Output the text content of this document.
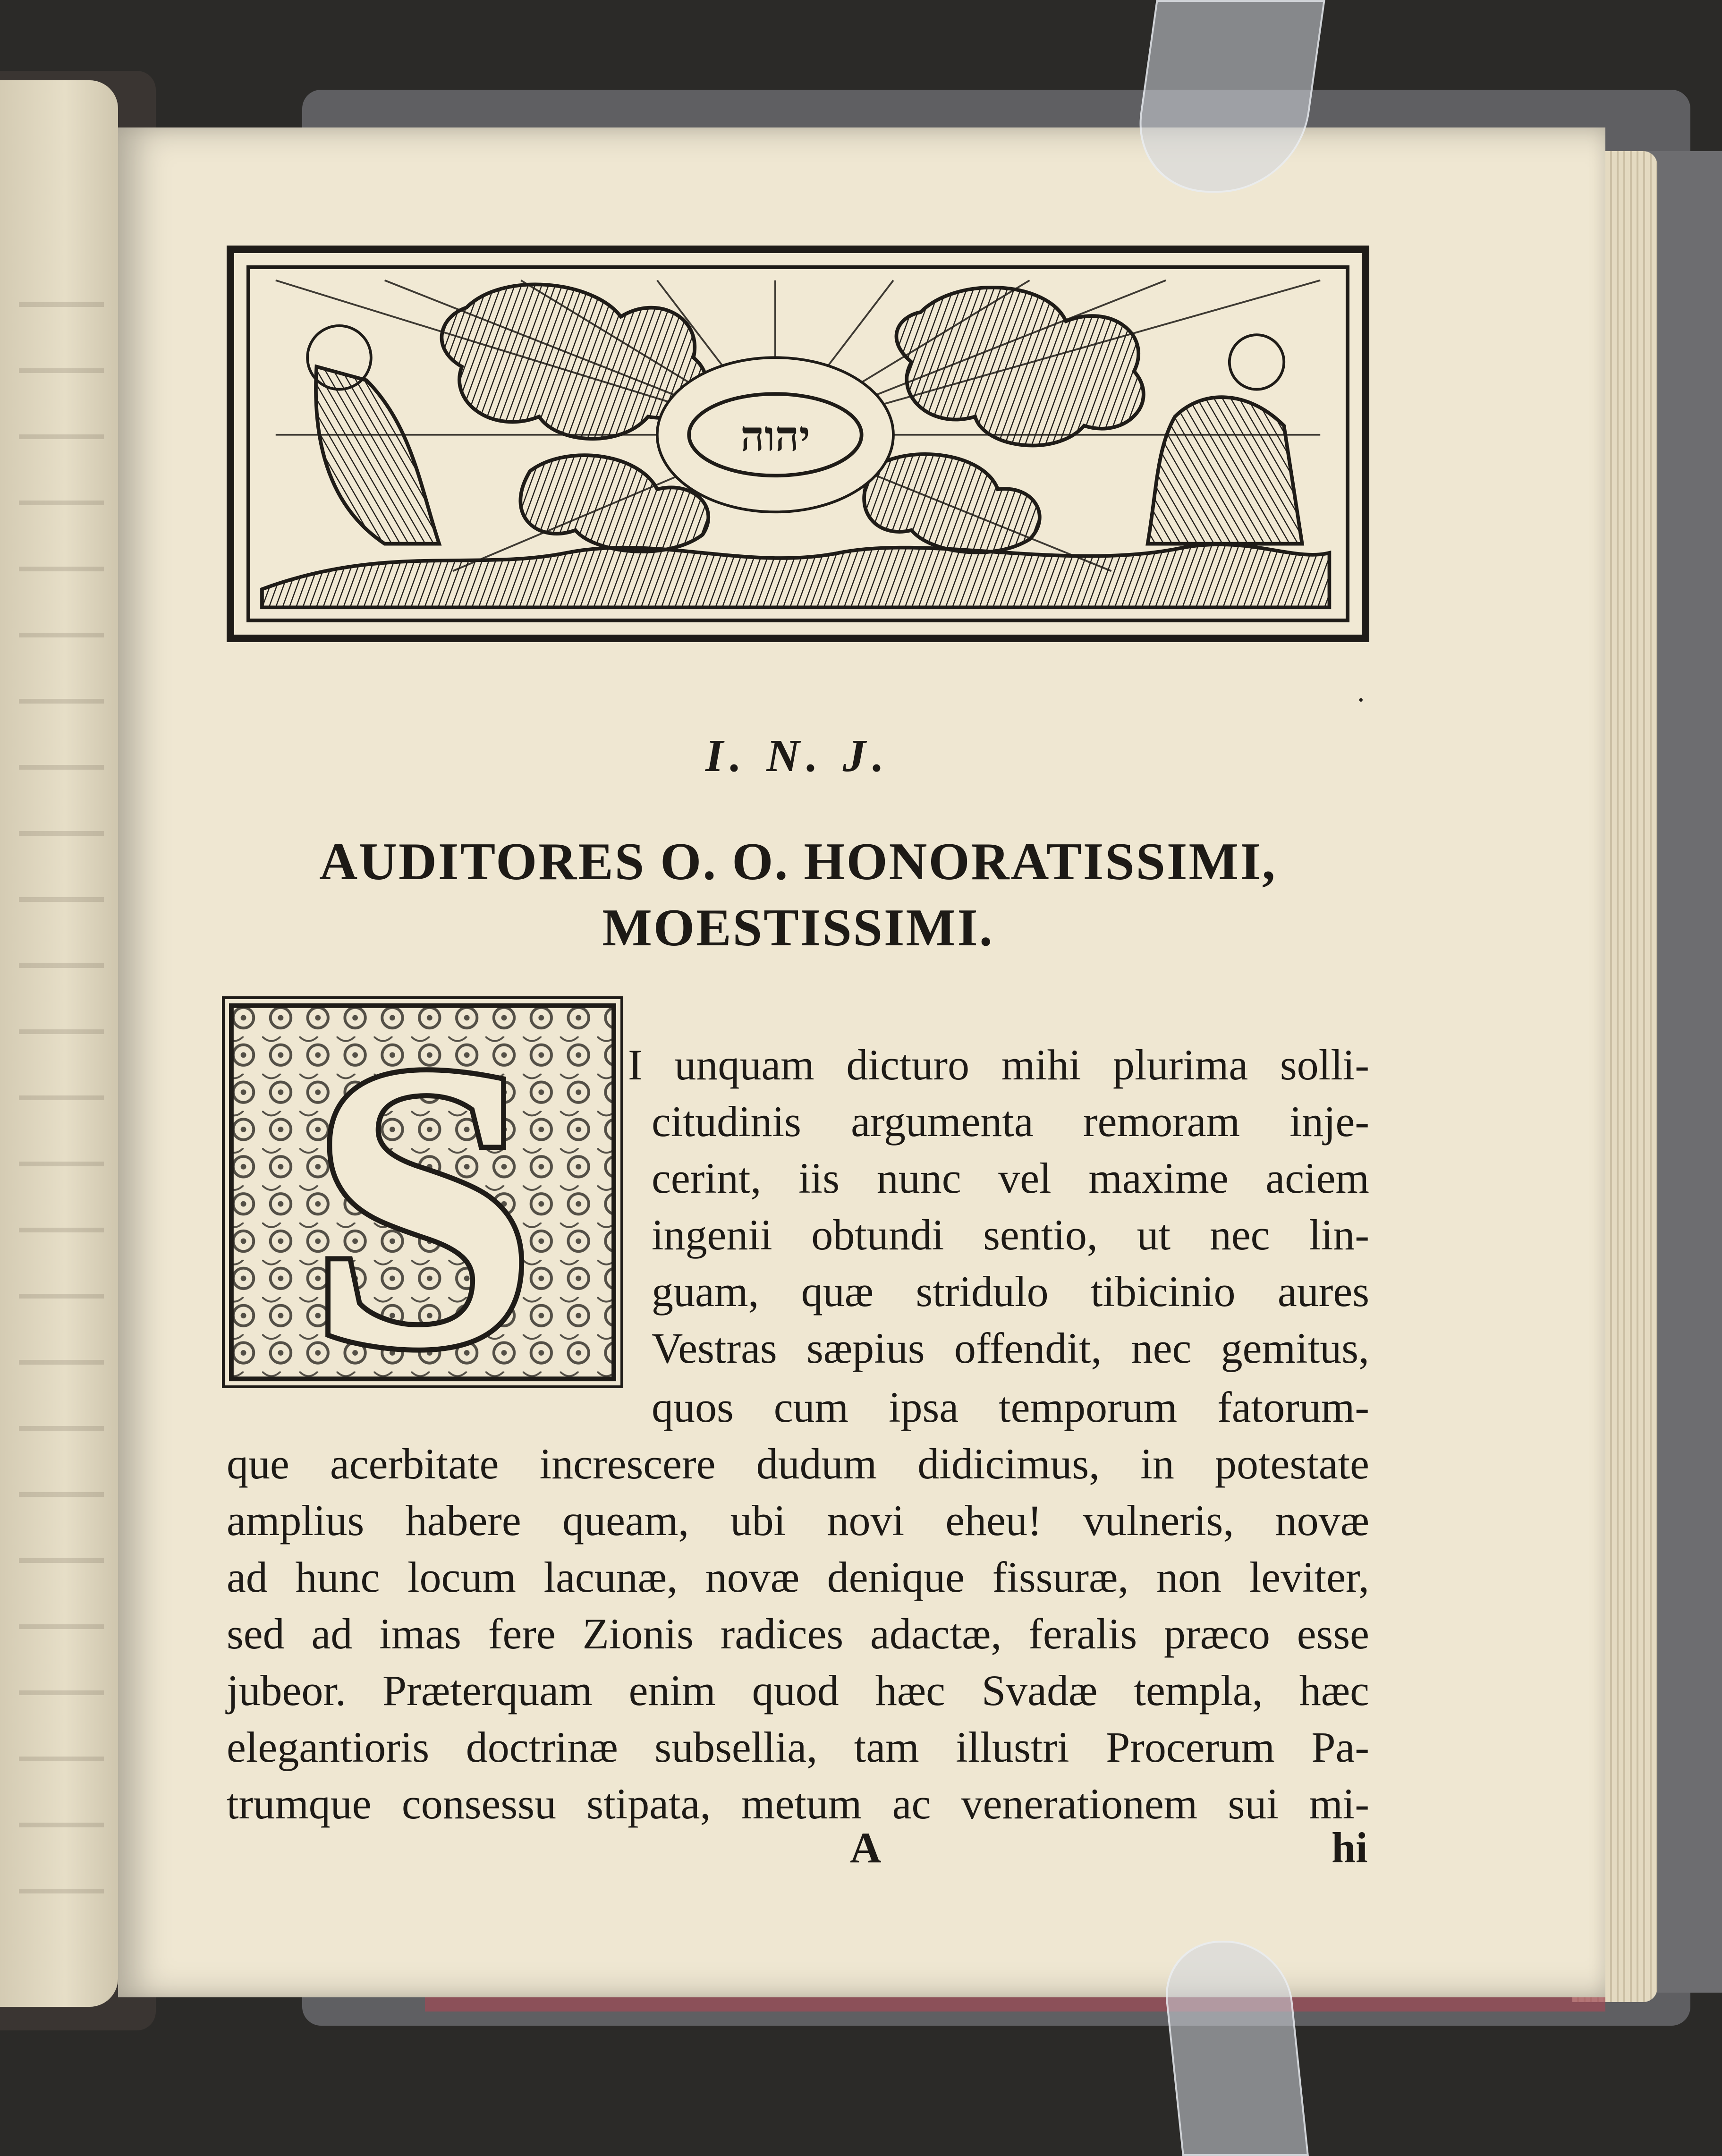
יהוה
.
I. N. J.
AUDITORES O. O. HONORATISSIMI,
MOESTISSIMI.
S I unquam dicturo mihi plurima solli-
citudinis argumenta remoram inje-
cerint, iis nunc vel maxime aciem
ingenii obtundi sentio, ut nec lin-
guam, quæ stridulo tibicinio aures
Vestras sæpius offendit, nec gemitus,
quos cum ipsa temporum fatorum-
que acerbitate increscere dudum didicimus, in potestate
amplius habere queam, ubi novi eheu! vulneris, novæ
ad hunc locum lacunæ, novæ denique fissuræ, non leviter,
sed ad imas fere Zionis radices adactæ, feralis præco esse
jubeor. Præterquam enim quod hæc Svadæ templa, hæc
elegantioris doctrinæ subsellia, tam illustri Procerum Pa-
trumque consessu stipata, metum ac venerationem sui mi-
A	hi
